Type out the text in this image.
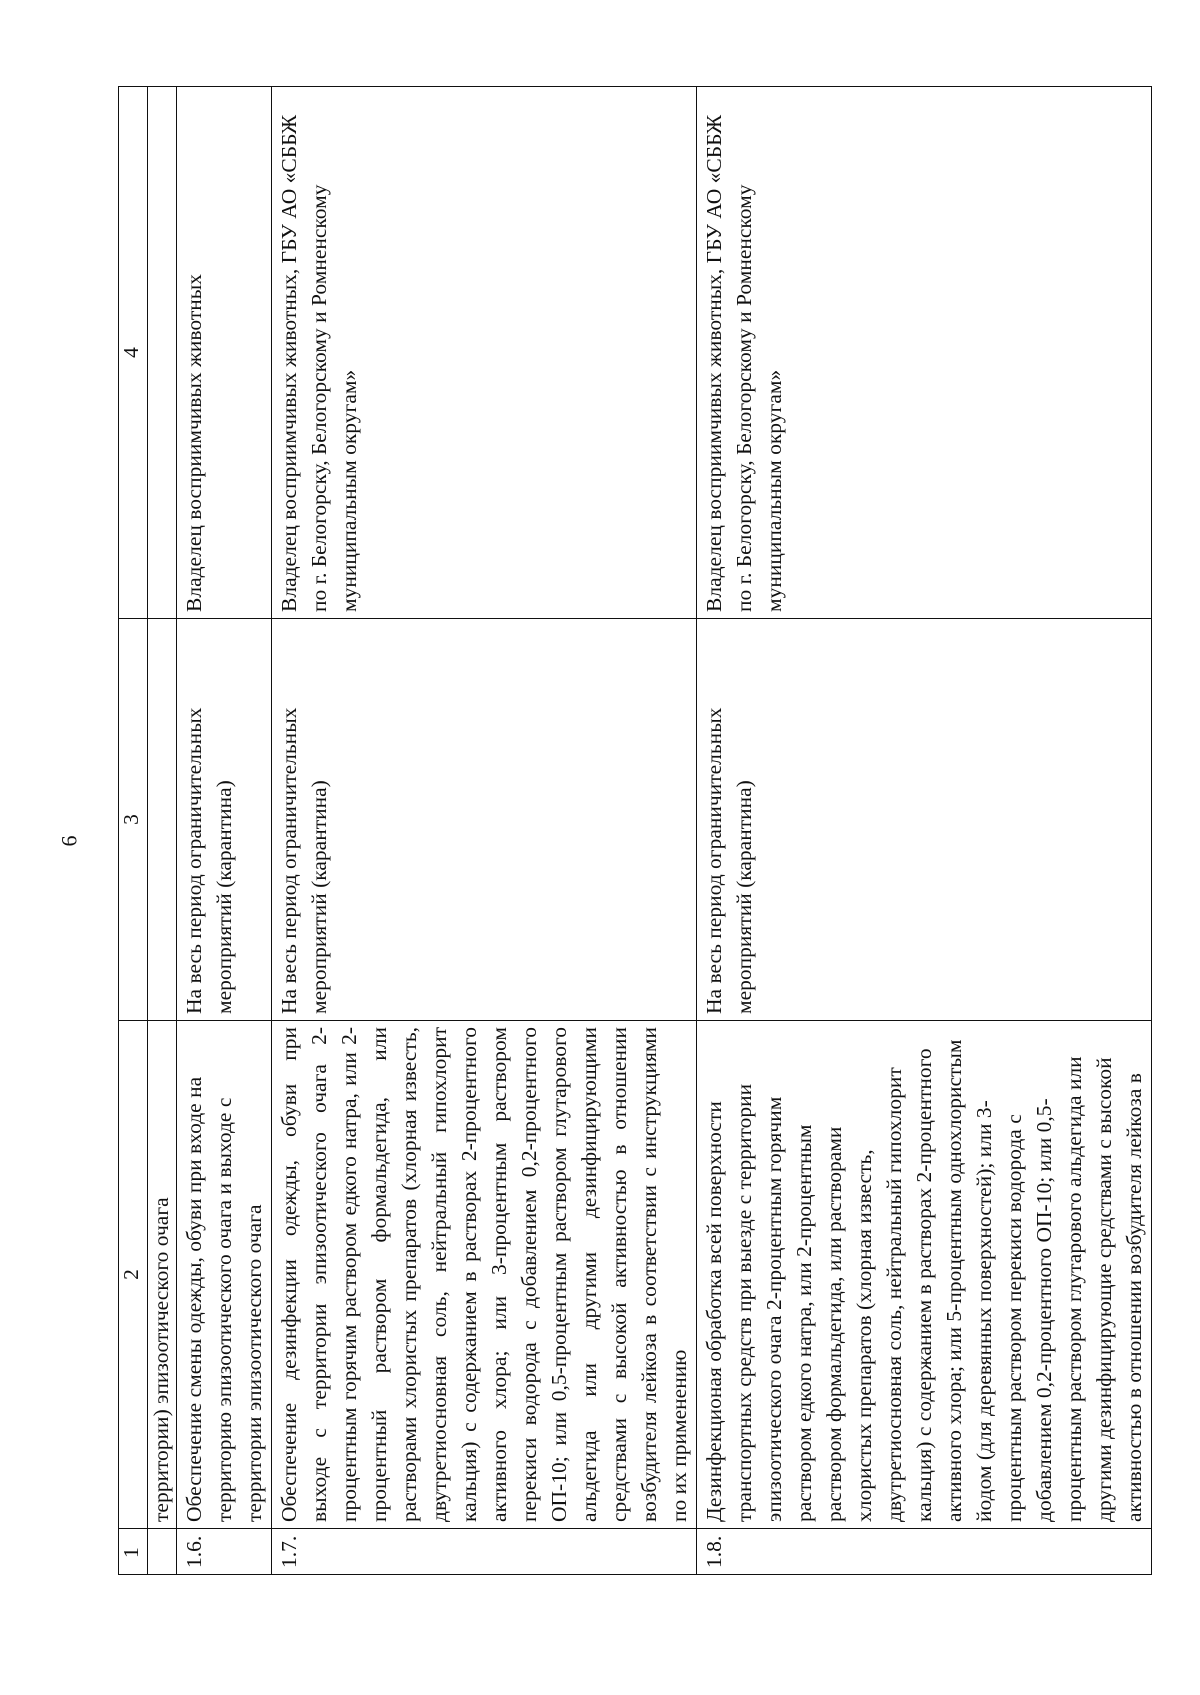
6
1	2	3	4
	территории) эпизоотического очага		
1.6.	Обеспечение смены одежды, обуви при входе на территорию эпизоотического очага и выходе с территории эпизоотического очага	На весь период ограничительных мероприятий (карантина)	Владелец восприимчивых животных
1.7.	Обеспечение дезинфекции одежды, обуви при выходе с территории эпизоотического очага 2-процентным горячим раствором едкого натра, или 2-процентный раствором формальдегида, или растворами хлористых препаратов (хлорная известь, двутретиосновная соль, нейтральный гипохлорит кальция) с содержанием в растворах 2-процентного активного хлора; или 3-процентным раствором перекиси водорода с добавлением 0,2-процентного ОП-10; или 0,5-процентным раствором глутарового альдегида или другими дезинфицирующими средствами с высокой активностью в отношении возбудителя лейкоза в соответствии с инструкциями по их применению	На весь период ограничительных мероприятий (карантина)	Владелец восприимчивых животных, ГБУ АО «СББЖ по г. Белогорску, Белогорскому и Ромненскому муниципальным округам»
1.8.	Дезинфекционая обработка всей поверхности транспортных средств при выезде с территории эпизоотического очага 2-процентным горячим раствором едкого натра, или 2-процентным раствором формальдегида, или растворами хлористых препаратов (хлорная известь, двутретиосновная соль, нейтральный гипохлорит кальция) с содержанием в растворах 2-процентного активного хлора; или 5-процентным однохлористым йодом (для деревянных поверхностей); или 3-процентным раствором перекиси водорода с добавлением 0,2-процентного ОП-10; или 0,5-процентным раствором глутарового альдегида или другими дезинфицирующие средствами с высокой активностью в отношении возбудителя лейкоза в	На весь период ограничительных мероприятий (карантина)	Владелец восприимчивых животных, ГБУ АО «СББЖ по г. Белогорску, Белогорскому и Ромненскому муниципальным округам»
